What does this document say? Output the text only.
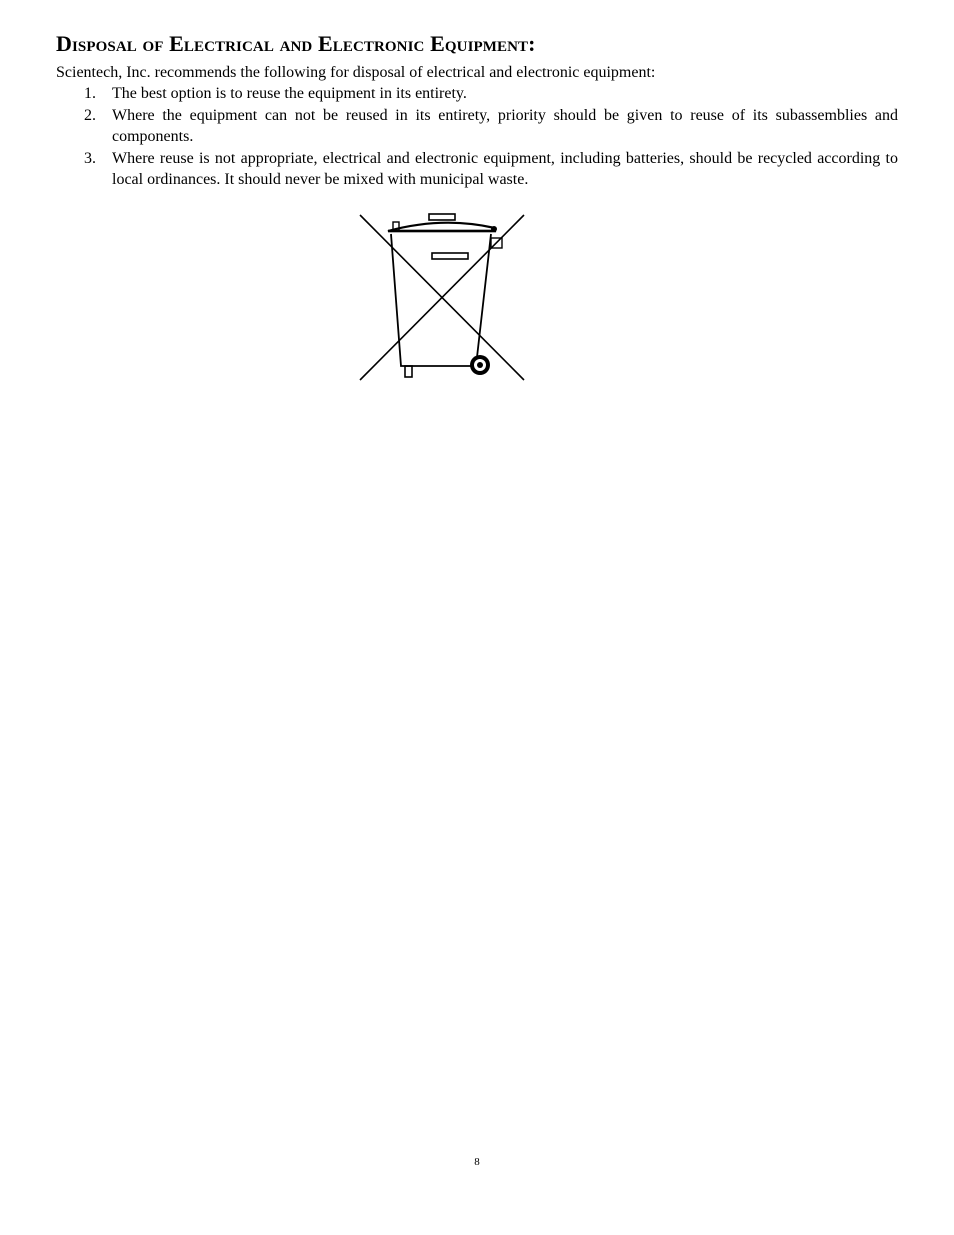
Disposal of Electrical and Electronic Equipment:

Scientech, Inc. recommends the following for disposal of electrical and electronic equipment:

1. The best option is to reuse the equipment in its entirety.
2. Where the equipment can not be reused in its entirety, priority should be given to reuse of its subassemblies and components.
3. Where reuse is not appropriate, electrical and electronic equipment, including batteries, should be recycled according to local ordinances. It should never be mixed with municipal waste.
8
